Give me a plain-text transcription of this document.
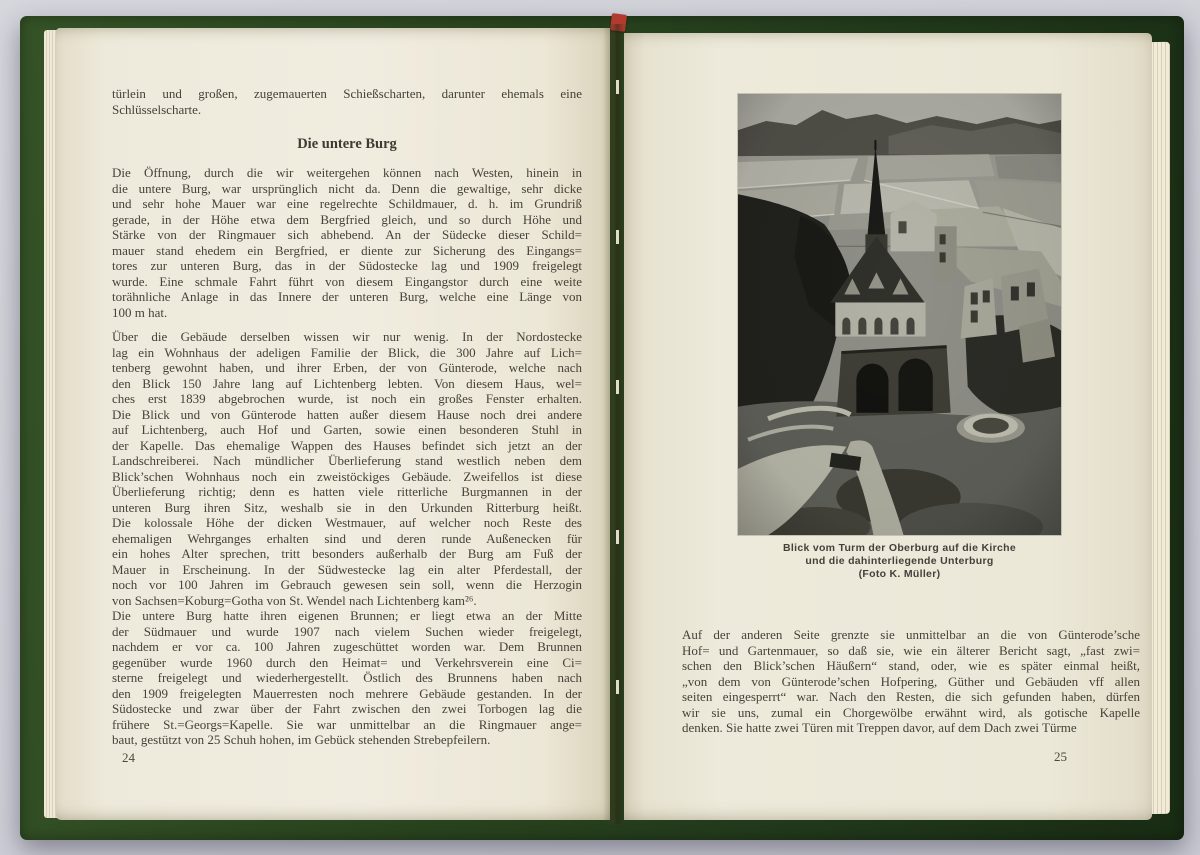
türlein und großen, zugemauerten Schießscharten, darunter ehemals eine
Schlüsselscharte.
Die untere Burg
Die Öffnung, durch die wir weitergehen können nach Westen, hinein in
die untere Burg, war ursprünglich nicht da. Denn die gewaltige, sehr dicke
und sehr hohe Mauer war eine regelrechte Schildmauer, d. h. im Grundriß
gerade, in der Höhe etwa dem Bergfried gleich, und so durch Höhe und
Stärke von der Ringmauer sich abhebend. An der Südecke dieser Schild=
mauer stand ehedem ein Bergfried, er diente zur Sicherung des Eingangs=
tores zur unteren Burg, das in der Südostecke lag und 1909 freigelegt
wurde. Eine schmale Fahrt führt von diesem Eingangstor durch eine weite
torähnliche Anlage in das Innere der unteren Burg, welche eine Länge von
100 m hat.
Über die Gebäude derselben wissen wir nur wenig. In der Nordostecke
lag ein Wohnhaus der adeligen Familie der Blick, die 300 Jahre auf Lich=
tenberg gewohnt haben, und ihrer Erben, der von Günterode, welche nach
den Blick 150 Jahre lang auf Lichtenberg lebten. Von diesem Haus, wel=
ches erst 1839 abgebrochen wurde, ist noch ein großes Fenster erhalten.
Die Blick und von Günterode hatten außer diesem Hause noch drei andere
auf Lichtenberg, auch Hof und Garten, sowie einen besonderen Stuhl in
der Kapelle. Das ehemalige Wappen des Hauses befindet sich jetzt an der
Landschreiberei. Nach mündlicher Überlieferung stand westlich neben dem
Blick’schen Wohnhaus noch ein zweistöckiges Gebäude. Zweifellos ist diese
Überlieferung richtig; denn es hatten viele ritterliche Burgmannen in der
unteren Burg ihren Sitz, weshalb sie in den Urkunden Ritterburg heißt.
Die kolossale Höhe der dicken Westmauer, auf welcher noch Reste des
ehemaligen Wehrganges erhalten sind und deren runde Außenecken für
ein hohes Alter sprechen, tritt besonders außerhalb der Burg am Fuß der
Mauer in Erscheinung. In der Südwestecke lag ein alter Pferdestall, der
noch vor 100 Jahren im Gebrauch gewesen sein soll, wenn die Herzogin
von Sachsen=Koburg=Gotha von St. Wendel nach Lichtenberg kam²⁶.
Die untere Burg hatte ihren eigenen Brunnen; er liegt etwa an der Mitte
der Südmauer und wurde 1907 nach vielem Suchen wieder freigelegt,
nachdem er vor ca. 100 Jahren zugeschüttet worden war. Dem Brunnen
gegenüber wurde 1960 durch den Heimat= und Verkehrsverein eine Ci=
sterne freigelegt und wiederhergestellt. Östlich des Brunnens haben nach
den 1909 freigelegten Mauerresten noch mehrere Gebäude gestanden. In der
Südostecke und zwar über der Fahrt zwischen den zwei Torbogen lag die
frühere St.=Georgs=Kapelle. Sie war unmittelbar an die Ringmauer ange=
baut, gestützt von 25 Schuh hohen, im Gebück stehenden Strebepfeilern.
24
Blick vom Turm der Oberburg auf die Kirche
und die dahinterliegende Unterburg
(Foto K. Müller)
Auf der anderen Seite grenzte sie unmittelbar an die von Günterode’sche
Hof= und Gartenmauer, so daß sie, wie ein älterer Bericht sagt, „fast zwi=
schen den Blick’schen Häußern“ stand, oder, wie es später einmal heißt,
„von dem von Günterode’schen Hofpering, Güther und Gebäuden vff allen
seiten eingesperrt“ war. Nach den Resten, die sich gefunden haben, dürfen
wir sie uns, zumal ein Chorgewölbe erwähnt wird, als gotische Kapelle
denken. Sie hatte zwei Türen mit Treppen davor, auf dem Dach zwei Türme
25
